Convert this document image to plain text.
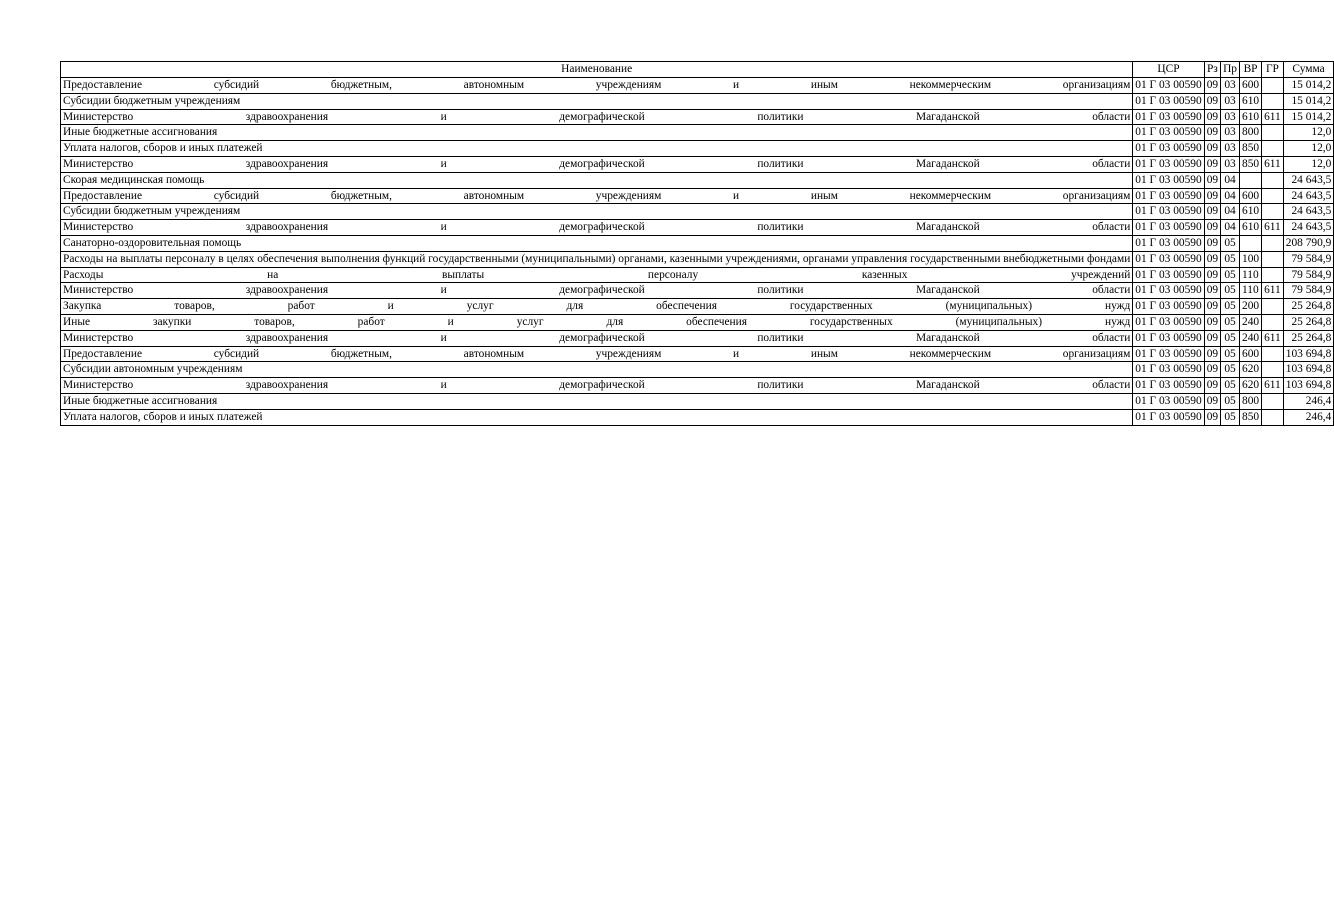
Наименование	ЦСР	Рз	Пр	ВР	ГР	Сумма
Предоставление субсидий бюджетным, автономным учреждениям и иным некоммерческим организациям	01 Г 03 00590	09	03	600		15 014,2
Субсидии бюджетным учреждениям	01 Г 03 00590	09	03	610		15 014,2
Министерство здравоохранения и демографической политики Магаданской области	01 Г 03 00590	09	03	610	611	15 014,2
Иные бюджетные ассигнования	01 Г 03 00590	09	03	800		12,0
Уплата налогов, сборов и иных платежей	01 Г 03 00590	09	03	850		12,0
Министерство здравоохранения и демографической политики Магаданской области	01 Г 03 00590	09	03	850	611	12,0
Скорая медицинская помощь	01 Г 03 00590	09	04			24 643,5
Предоставление субсидий бюджетным, автономным учреждениям и иным некоммерческим организациям	01 Г 03 00590	09	04	600		24 643,5
Субсидии бюджетным учреждениям	01 Г 03 00590	09	04	610		24 643,5
Министерство здравоохранения и демографической политики Магаданской области	01 Г 03 00590	09	04	610	611	24 643,5
Санаторно-оздоровительная помощь	01 Г 03 00590	09	05			208 790,9
Расходы на выплаты персоналу в целях обеспечения выполнения функций государственными (муниципальными) органами, казенными учреждениями, органами управления государственными внебюджетными фондами	01 Г 03 00590	09	05	100		79 584,9
Расходы на выплаты персоналу казенных учреждений	01 Г 03 00590	09	05	110		79 584,9
Министерство здравоохранения и демографической политики Магаданской области	01 Г 03 00590	09	05	110	611	79 584,9
Закупка товаров, работ и услуг для обеспечения государственных (муниципальных) нужд	01 Г 03 00590	09	05	200		25 264,8
Иные закупки товаров, работ и услуг для обеспечения государственных (муниципальных) нужд	01 Г 03 00590	09	05	240		25 264,8
Министерство здравоохранения и демографической политики Магаданской области	01 Г 03 00590	09	05	240	611	25 264,8
Предоставление субсидий бюджетным, автономным учреждениям и иным некоммерческим организациям	01 Г 03 00590	09	05	600		103 694,8
Субсидии автономным учреждениям	01 Г 03 00590	09	05	620		103 694,8
Министерство здравоохранения и демографической политики Магаданской области	01 Г 03 00590	09	05	620	611	103 694,8
Иные бюджетные ассигнования	01 Г 03 00590	09	05	800		246,4
Уплата налогов, сборов и иных платежей	01 Г 03 00590	09	05	850		246,4
